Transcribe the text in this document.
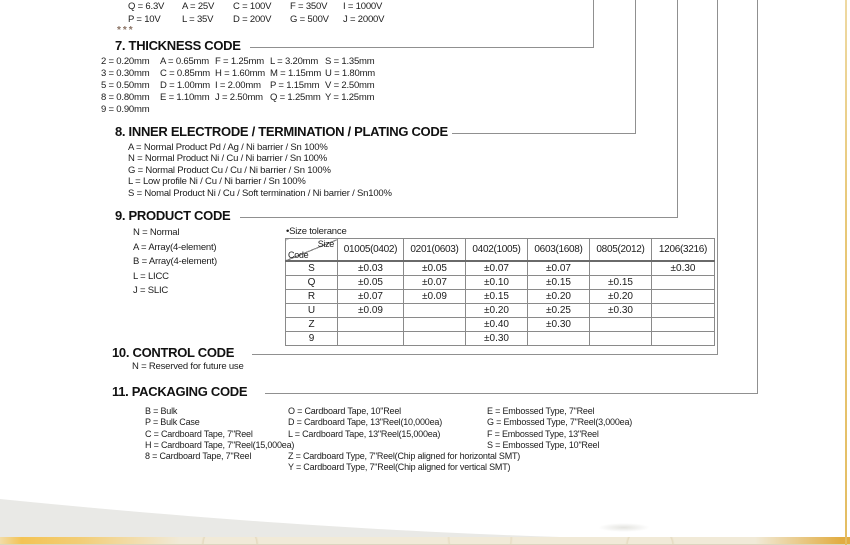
Q = 6.3V	A = 25V	C = 100V	F = 350V	I = 1000V
P = 10V	L = 35V	D = 200V	G = 500V	J = 2000V
***
7. THICKNESS CODE
2 = 0.20mm	A = 0.65mm F = 1.25mm L = 3.20mm S = 1.35mm
3 = 0.30mm	C = 0.85mm H = 1.60mm M = 1.15mm U = 1.80mm
5 = 0.50mm	D = 1.00mm I = 2.00mm P = 1.15mm V = 2.50mm
8 = 0.80mm	E = 1.10mm J = 2.50mm Q = 1.25mm Y = 1.25mm
9 = 0.90mm
8. INNER ELECTRODE / TERMINATION / PLATING CODE
A = Normal Product Pd / Ag / Ni barrier / Sn 100%
N = Normal Product Ni / Cu / Ni barrier / Sn 100%
G = Normal Product Cu / Cu / Ni barrier / Sn 100%
L = Low profile Ni / Cu / Ni barrier / Sn 100%
S = Nomal Product Ni / Cu / Soft termination / Ni barrier / Sn100%
9. PRODUCT CODE
N = Normal
A = Array(4-element)
B = Array(4-element)
L = LICC
J = SLIC
•Size tolerance
Size
Code	01005(0402)	0201(0603)	0402(1005)	0603(1608)	0805(2012)	1206(3216)
S	±0.03	±0.05	±0.07	±0.07		±0.30
Q	±0.05	±0.07	±0.10	±0.15	±0.15	
R	±0.07	±0.09	±0.15	±0.20	±0.20	
U	±0.09		±0.20	±0.25	±0.30	
Z			±0.40	±0.30		
9			±0.30			
10. CONTROL CODE
N = Reserved for future use
11. PACKAGING CODE
B = Bulk
P = Bulk Case
C = Cardboard Tape, 7"Reel
H = Cardboard Tape, 7"Reel(15,000ea)
8 = Cardboard Tape, 7"Reel
O = Cardboard Tape, 10"Reel
D = Cardboard Tape, 13"Reel(10,000ea)
L = Cardboard Tape, 13"Reel(15,000ea)
Z = Cardboard Type, 7"Reel(Chip aligned for horizontal SMT)
Y = Cardboard Type, 7"Reel(Chip aligned for vertical SMT)
E = Embossed Type, 7"Reel
G = Embossed Type, 7"Reel(3,000ea)
F = Embossed Type, 13"Reel
S = Embossed Type, 10"Reel
